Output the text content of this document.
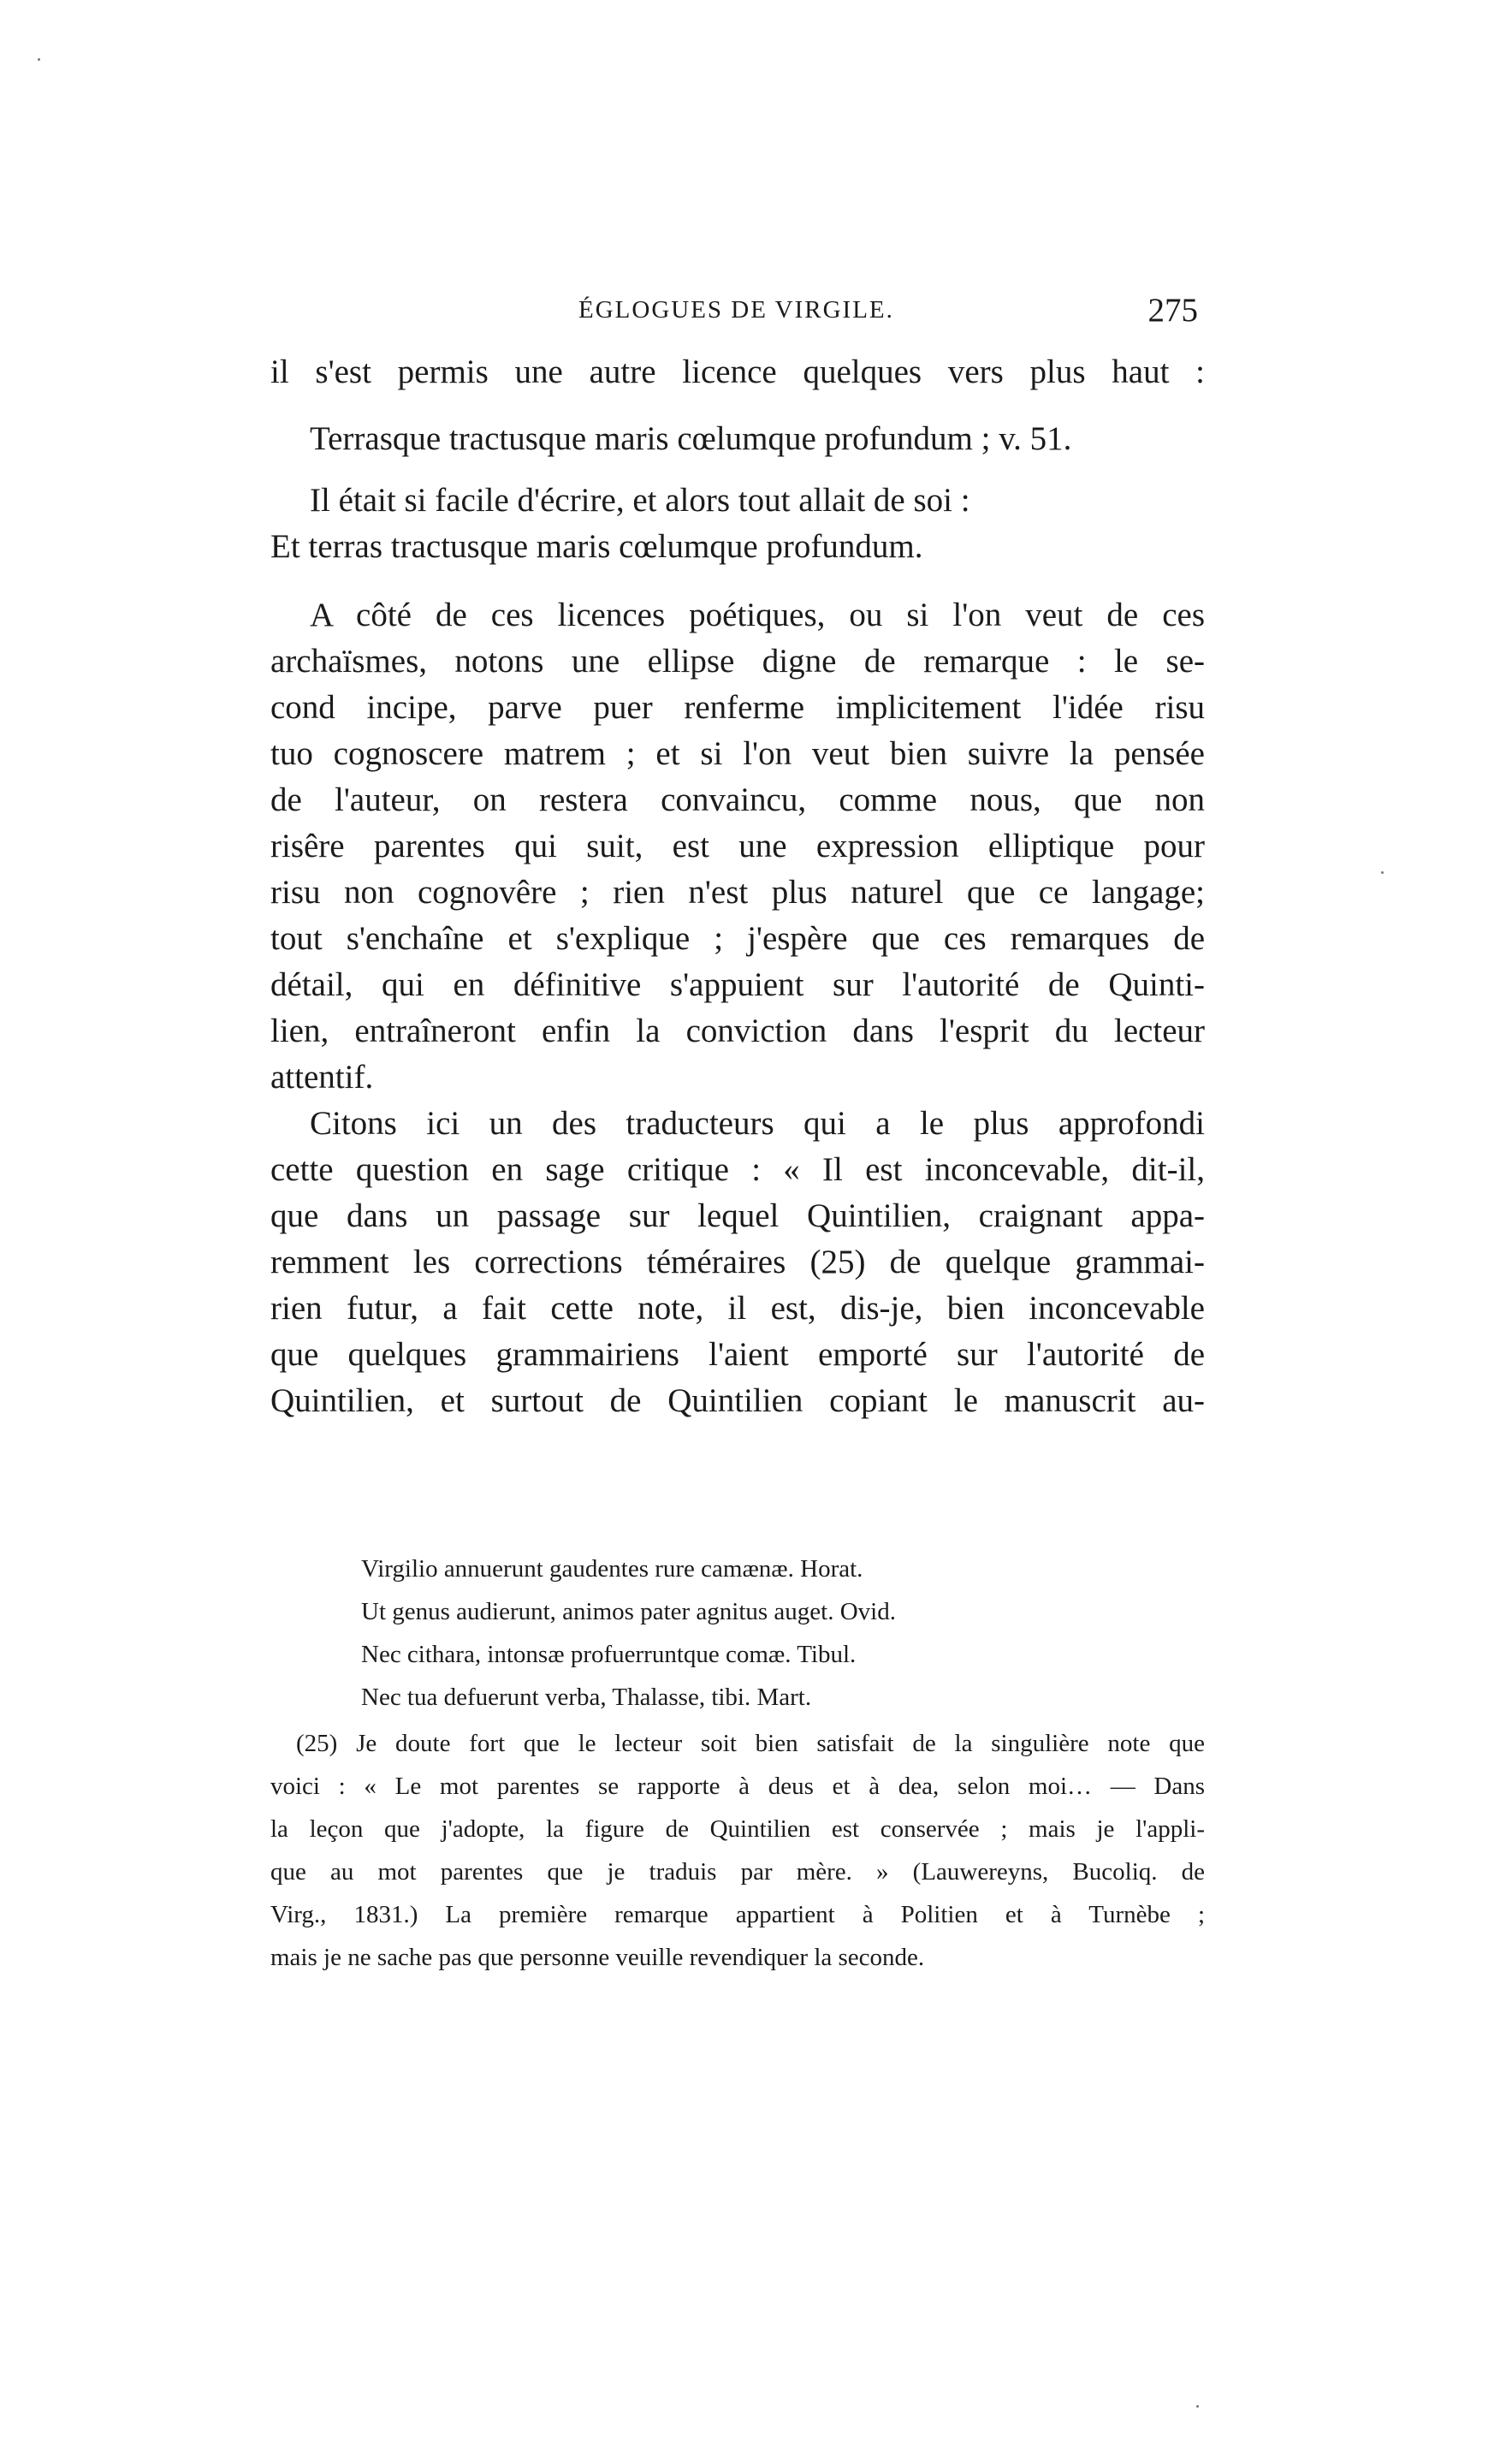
ÉGLOGUES DE VIRGILE.	275
il s'est permis une autre licence quelques vers plus haut :
Terrasque tractusque maris cœlumque profundum ; v. 51.
Il était si facile d'écrire, et alors tout allait de soi :
Et terras tractusque maris cœlumque profundum.
A côté de ces licences poétiques, ou si l'on veut de ces
archaïsmes, notons une ellipse digne de remarque : le se-
cond incipe, parve puer renferme implicitement l'idée risu
tuo cognoscere matrem ; et si l'on veut bien suivre la pensée
de l'auteur, on restera convaincu, comme nous, que non
risêre parentes qui suit, est une expression elliptique pour
risu non cognovêre ; rien n'est plus naturel que ce langage;
tout s'enchaîne et s'explique ; j'espère que ces remarques de
détail, qui en définitive s'appuient sur l'autorité de Quinti-
lien, entraîneront enfin la conviction dans l'esprit du lecteur
attentif.
Citons ici un des traducteurs qui a le plus approfondi
cette question en sage critique : « Il est inconcevable, dit-il,
que dans un passage sur lequel Quintilien, craignant appa-
remment les corrections téméraires (25) de quelque grammai-
rien futur, a fait cette note, il est, dis-je, bien inconcevable
que quelques grammairiens l'aient emporté sur l'autorité de
Quintilien, et surtout de Quintilien copiant le manuscrit au-
Virgilio annuerunt gaudentes rure camænæ. Horat.
Ut genus audierunt, animos pater agnitus auget. Ovid.
Nec cithara, intonsæ profuerruntque comæ. Tibul.
Nec tua defuerunt verba, Thalasse, tibi. Mart.
(25) Je doute fort que le lecteur soit bien satisfait de la singulière note que
voici : « Le mot parentes se rapporte à deus et à dea, selon moi… — Dans
la leçon que j'adopte, la figure de Quintilien est conservée ; mais je l'appli-
que au mot parentes que je traduis par mère. » (Lauwereyns, Bucoliq. de
Virg., 1831.) La première remarque appartient à Politien et à Turnèbe ;
mais je ne sache pas que personne veuille revendiquer la seconde.
